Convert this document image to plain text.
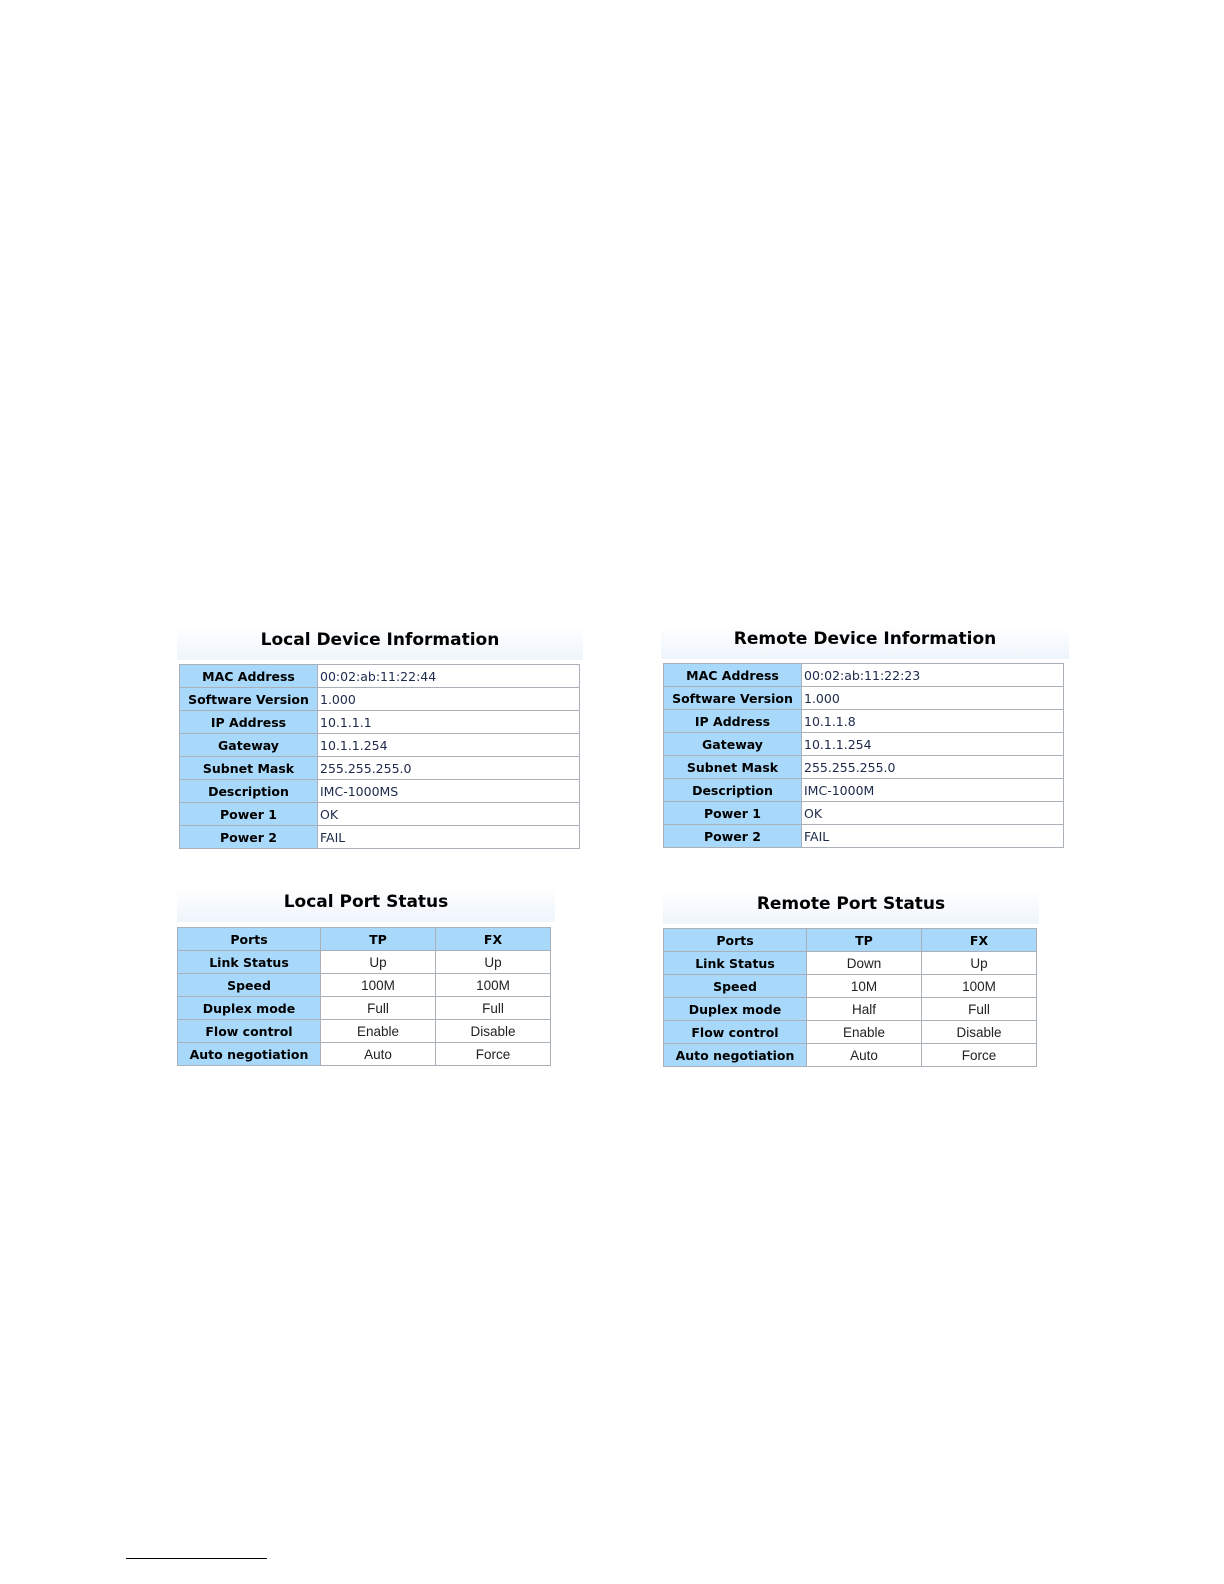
Local Device Information
MAC Address	00:02:ab:11:22:44
Software Version	1.000
IP Address	10.1.1.1
Gateway	10.1.1.254
Subnet Mask	255.255.255.0
Description	IMC-1000MS
Power 1	OK
Power 2	FAIL
Remote Device Information
MAC Address	00:02:ab:11:22:23
Software Version	1.000
IP Address	10.1.1.8
Gateway	10.1.1.254
Subnet Mask	255.255.255.0
Description	IMC-1000M
Power 1	OK
Power 2	FAIL
Local Port Status
Ports	TP	FX
Link Status	Up	Up
Speed	100M	100M
Duplex mode	Full	Full
Flow control	Enable	Disable
Auto negotiation	Auto	Force
Remote Port Status
Ports	TP	FX
Link Status	Down	Up
Speed	10M	100M
Duplex mode	Half	Full
Flow control	Enable	Disable
Auto negotiation	Auto	Force
